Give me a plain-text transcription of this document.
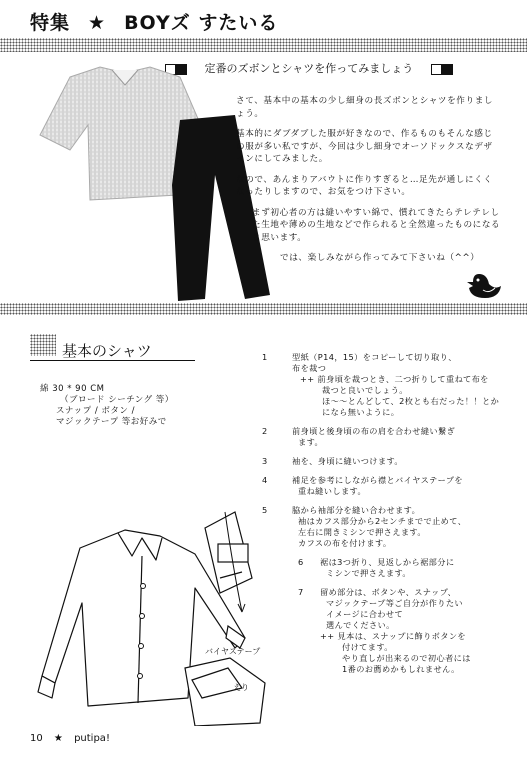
特集 ★ BOYズ すたいる
定番のズボンとシャツを作ってみましょう

さて、基本中の基本の少し細身の長ズボンとシャツを作りましょう。

基本的にダブダブした服が好きなので、作るものもそんな感じの服が多い私ですが、今回は少し細身でオーソドックスなデザインにしてみました。

なので、あんまりアバウトに作りすぎると…足先が通しにくくなったりしますので、お気をつけ下さい。

まず初心者の方は縫いやすい綿で、慣れてきたらテレテレした生地や薄めの生地などで作られると全然違ったものになると思います。

では、楽しみながら作ってみて下さいね（^^）

基本のシャツ
綿 30 * 90 CM
（ブロード シーチング 等）
スナップ / ボタン /
マジックテープ 等お好みで
1	型紙（P14，15）をコピーして切り取り、
布を裁つ
++ 前身頃を裁つとき、二つ折りして重ねて布を
裁つと良いでしょう。
ほ〜〜とんどして、2枚とも右だった！！とか
になら無いように。
2	前身頃と後身頃の布の肩を合わせ縫い繋ぎ
ます。
3	袖を、身頃に縫いつけます。
4	補足を参考にしながら襟とバイヤステープを
重ね縫いします。
5	脇から袖部分を縫い合わせます。
袖はカフス部分から2センチまでで止めて、
左右に開きミシンで押さえます。
カフスの布を付けます。
6 裾は3つ折り、見返しから裾部分に
ミシンで押さえます。
7 留め部分は、ボタンや、スナップ、
マジックテープ等ご自分が作りたい
イメージに合わせて
選んでください。
++ 見本は、スナップに飾りボタンを
付けてます。
やり直しが出来るので初心者には
1番のお薦めかもしれません。
バイヤステープ
えり
10 ★ putipa!
